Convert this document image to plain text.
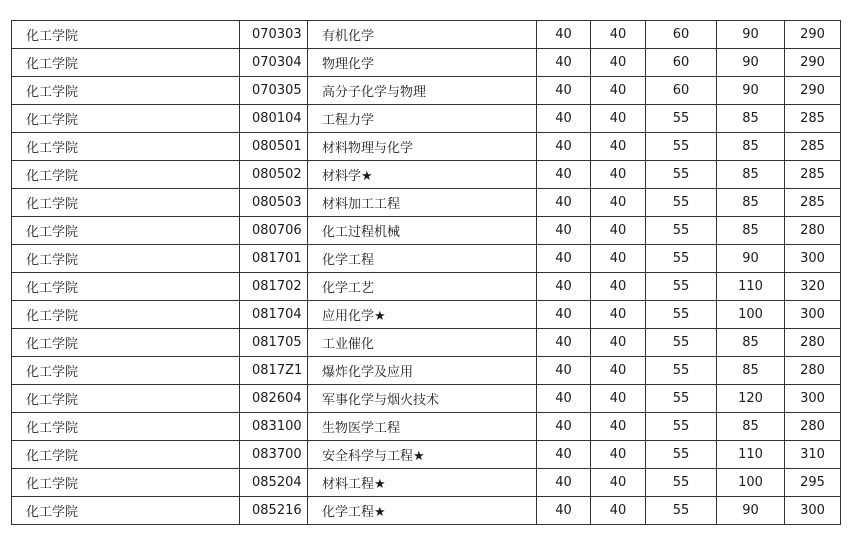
化工学院	070303	有机化学	40	40	60	90	290
化工学院	070304	物理化学	40	40	60	90	290
化工学院	070305	高分子化学与物理	40	40	60	90	290
化工学院	080104	工程力学	40	40	55	85	285
化工学院	080501	材料物理与化学	40	40	55	85	285
化工学院	080502	材料学★	40	40	55	85	285
化工学院	080503	材料加工工程	40	40	55	85	285
化工学院	080706	化工过程机械	40	40	55	85	280
化工学院	081701	化学工程	40	40	55	90	300
化工学院	081702	化学工艺	40	40	55	110	320
化工学院	081704	应用化学★	40	40	55	100	300
化工学院	081705	工业催化	40	40	55	85	280
化工学院	0817Z1	爆炸化学及应用	40	40	55	85	280
化工学院	082604	军事化学与烟火技术	40	40	55	120	300
化工学院	083100	生物医学工程	40	40	55	85	280
化工学院	083700	安全科学与工程★	40	40	55	110	310
化工学院	085204	材料工程★	40	40	55	100	295
化工学院	085216	化学工程★	40	40	55	90	300
